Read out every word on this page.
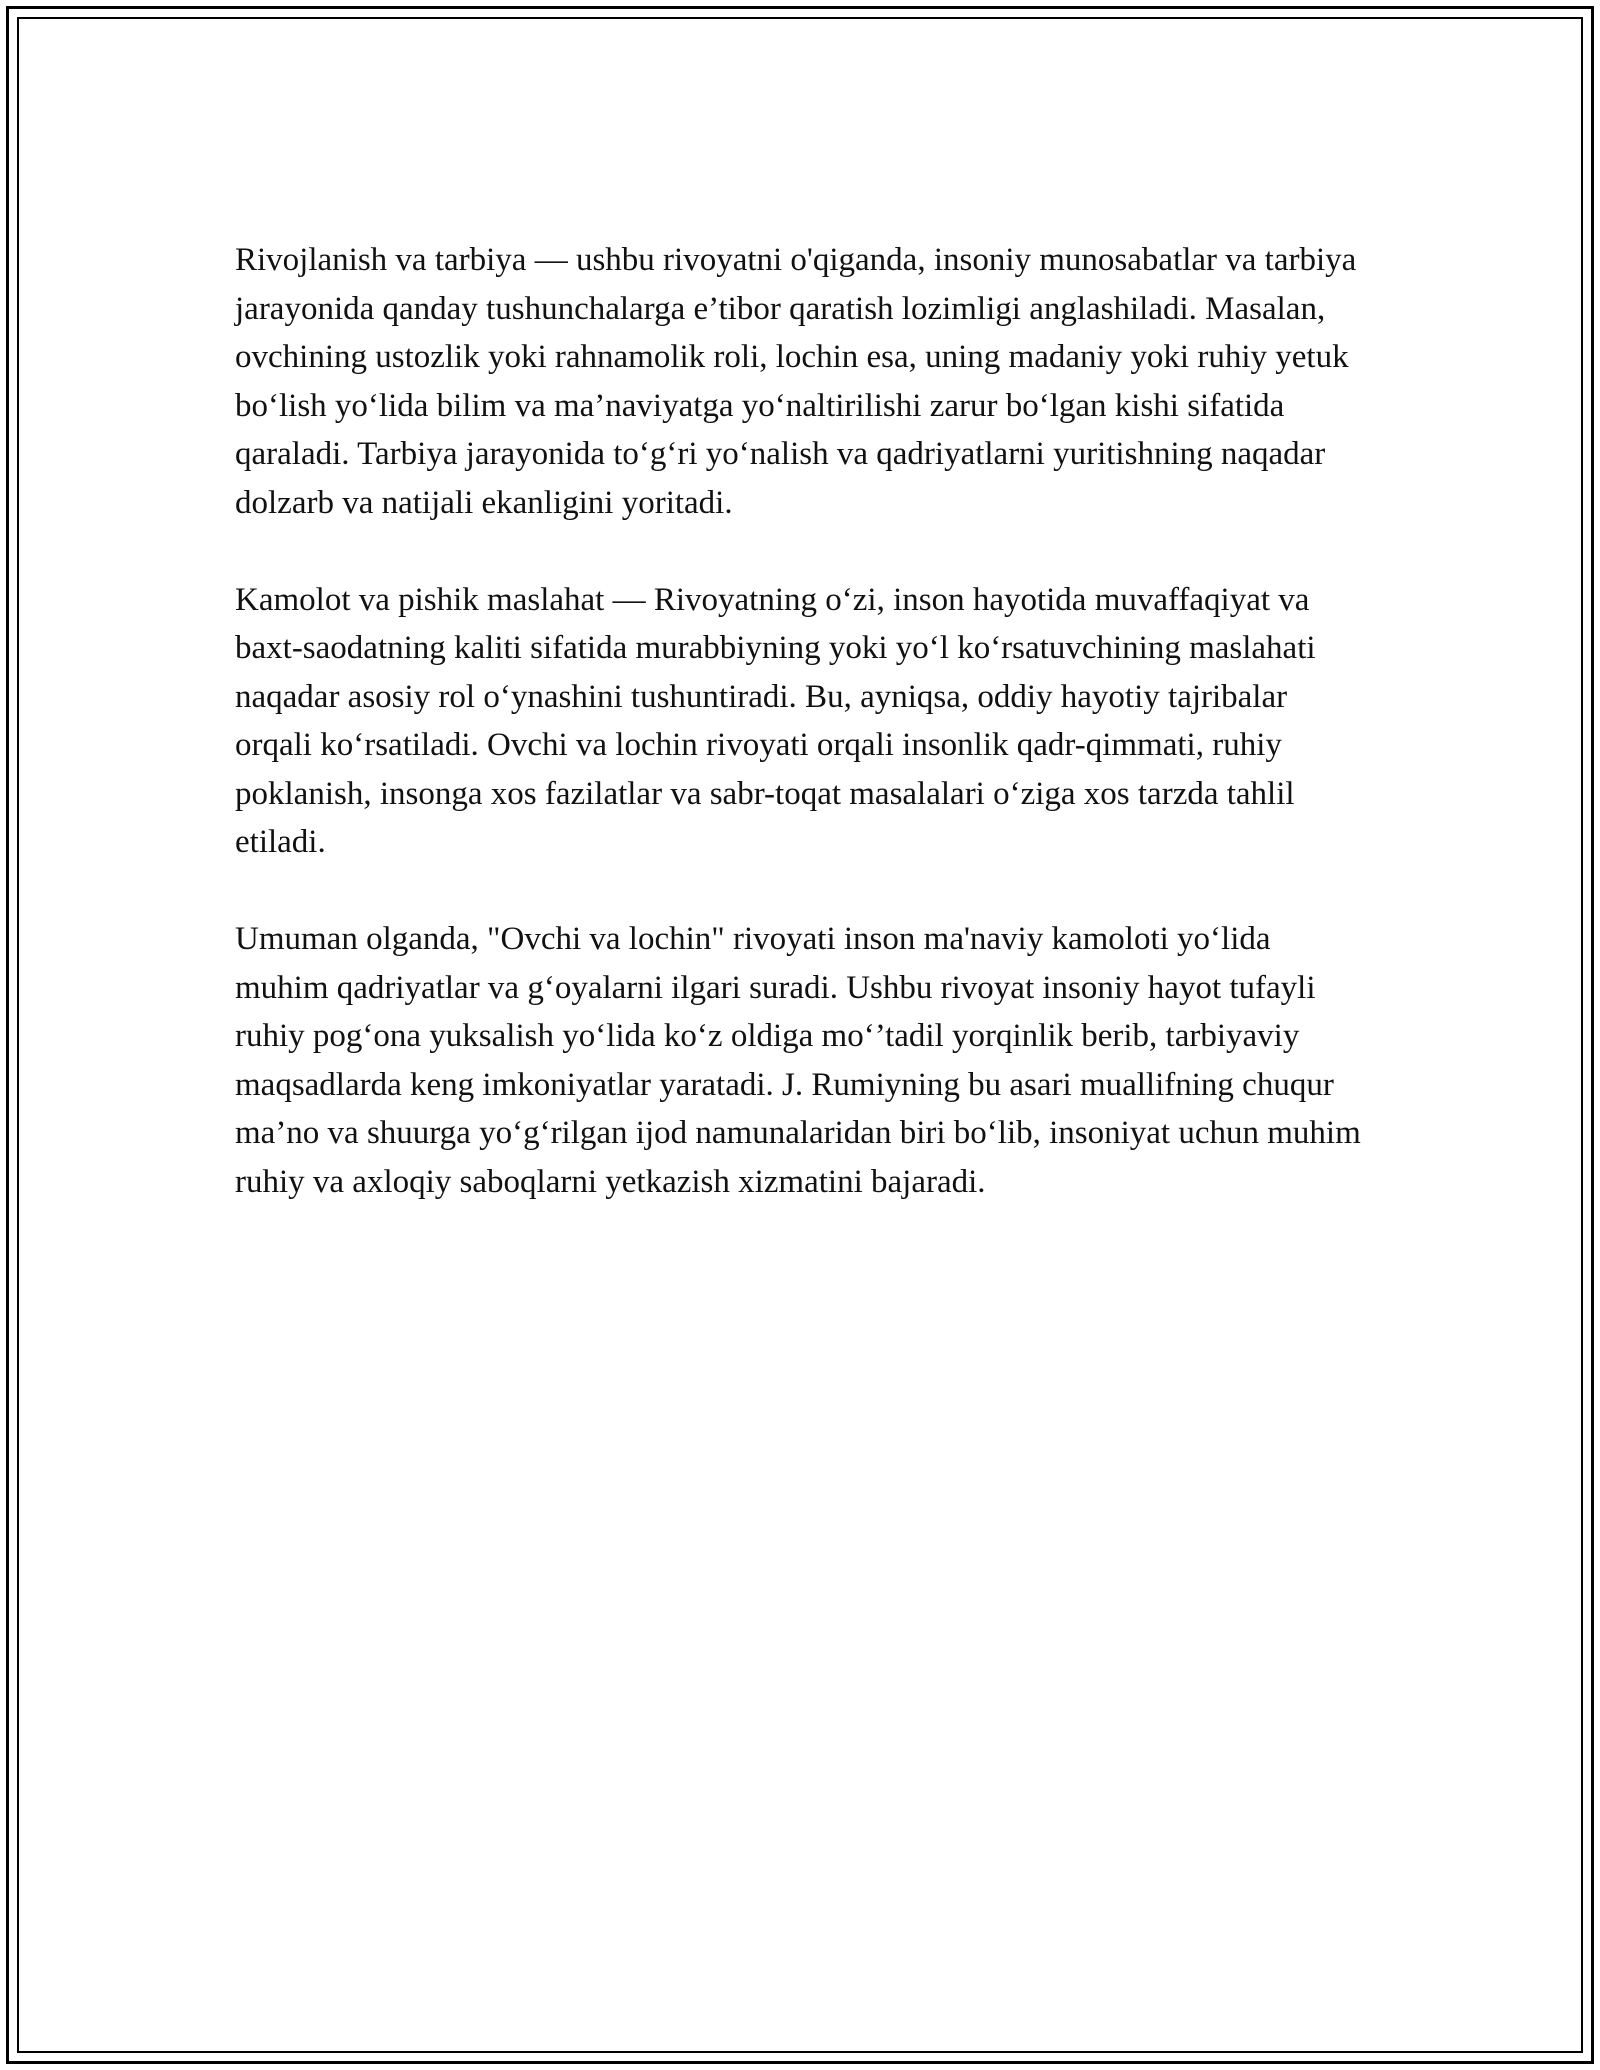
Rivojlanish va tarbiya — ushbu rivoyatni o'qiganda, insoniy munosabatlar va tarbiya jarayonida qanday tushunchalarga e’tibor qaratish lozimligi anglashiladi. Masalan, ovchining ustozlik yoki rahnamolik roli, lochin esa, uning madaniy yoki ruhiy yetuk bo‘lish yo‘lida bilim va ma’naviyatga yo‘naltirilishi zarur bo‘lgan kishi sifatida qaraladi. Tarbiya jarayonida to‘g‘ri yo‘nalish va qadriyatlarni yuritishning naqadar dolzarb va natijali ekanligini yoritadi.

Kamolot va pishik maslahat — Rivoyatning o‘zi, inson hayotida muvaffaqiyat va baxt-saodatning kaliti sifatida murabbiyning yoki yo‘l ko‘rsatuvchining maslahati naqadar asosiy rol o‘ynashini tushuntiradi. Bu, ayniqsa, oddiy hayotiy tajribalar orqali ko‘rsatiladi. Ovchi va lochin rivoyati orqali insonlik qadr-qimmati, ruhiy poklanish, insonga xos fazilatlar va sabr-toqat masalalari o‘ziga xos tarzda tahlil etiladi.

Umuman olganda, "Ovchi va lochin" rivoyati inson ma'naviy kamoloti yo‘lida muhim qadriyatlar va g‘oyalarni ilgari suradi. Ushbu rivoyat insoniy hayot tufayli ruhiy pog‘ona yuksalish yo‘lida ko‘z oldiga mo‘’tadil yorqinlik berib, tarbiyaviy maqsadlarda keng imkoniyatlar yaratadi. J. Rumiyning bu asari muallifning chuqur ma’no va shuurga yo‘g‘rilgan ijod namunalaridan biri bo‘lib, insoniyat uchun muhim ruhiy va axloqiy saboqlarni yetkazish xizmatini bajaradi.
